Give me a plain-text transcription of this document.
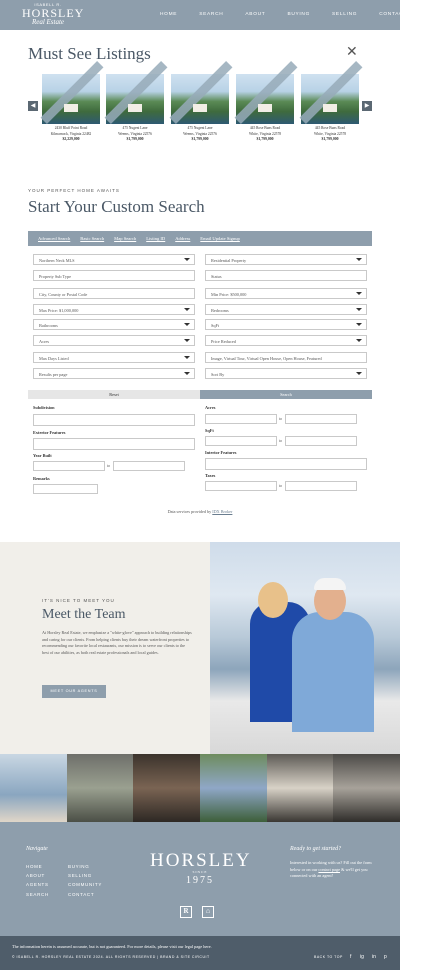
ISABELL R.
HORSLEY
Real Estate
HOME	SEARCH	ABOUT	BUYING	SELLING	CONTACT
Must See Listings	✕
◀	▶
2430 Bluff Point Road
Kilmarnock, Virginia 22482
$2,229,000
475 Nugent Lane
Weems, Virginia 22576
$1,799,000
475 Nugent Lane
Weems, Virginia 22576
$1,799,000
445 Rose Buns Road
White, Virginia 22578
$1,799,000
445 Rose Buns Road
White, Virginia 22578
$1,799,000
YOUR PERFECT HOME AWAITS
Start Your Custom Search
Advanced Search Basic Search Map Search Listing ID Address Email Update Signup
Northern Neck MLS
Property Sub Type
City, County or Postal Code
Max Price: $1,000,000
Bathrooms
Acres
Max Days Listed
Results per page
Residential Property
Status
Min Price: $500,000
Bedrooms
SqFt
Price Reduced
Image, Virtual Tour, Virtual Open House, Open House, Featured
Sort By
Reset	Search
Subdivision
Exterior Features
Year Built
to
Remarks
Acres
to
SqFt
to
Interior Features
Taxes
to
Data services provided by IDX Broker
IT'S NICE TO MEET YOU
Meet the Team
At Horsley Real Estate, we emphasize a "white-glove" approach to building relationships and caring for our clients. From helping clients buy their dream waterfront properties to recommending our favorite local restaurants, our mission is to serve our clients to the best of our abilities, as both real estate professionals and local guides.
MEET OUR AGENTS
Navigate
HOME
ABOUT
AGENTS
SEARCH
BUYING
SELLING
COMMUNITY
CONTACT
HORSLEY
SINCE
1975
Ready to get started?
Interested in working with us? Fill out the form below or on our contact page & we'll get you connected with an agent!
R	⌂
The information herein is assumed accurate, but is not guaranteed. For more details, please visit our legal page here.
© ISABELL R. HORSLEY REAL ESTATE 2024. ALL RIGHTS RESERVED | BRAND & SITE CIRCUIT	BACK TO TOP f ig in p
